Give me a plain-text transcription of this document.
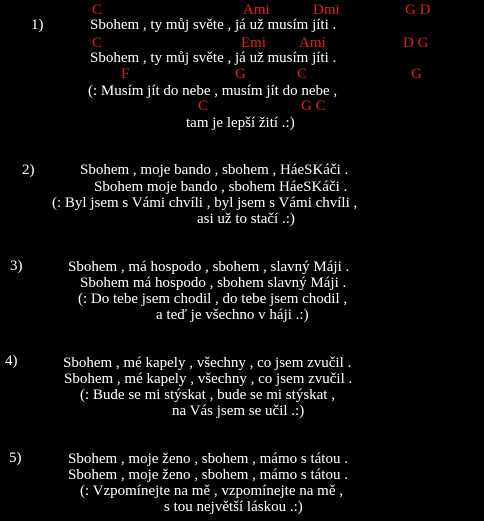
1)
C	Ami	Dmi	G D
Sbohem , ty můj světe , já už musím jíti .
C	Emi Ami	D G
Sbohem , ty můj světe , já už musím jíti .
F	G	C	G
(: Musím jít do nebe , musím jít do nebe ,
C	G C
tam je lepší žití .:)
2)	Sbohem , moje bando , sbohem , HáeSKáči .
Sbohem moje bando , sbohem HáeSKáči .
(: Byl jsem s Vámi chvíli , byl jsem s Vámi chvíli ,
asi už to stačí .:)
3)	Sbohem , má hospodo , sbohem , slavný Máji .
Sbohem má hospodo , sbohem slavný Máji .
(: Do tebe jsem chodil , do tebe jsem chodil ,
a teď je všechno v háji .:)
4)	Sbohem , mé kapely , všechny , co jsem zvučil .
Sbohem , mé kapely , všechny , co jsem zvučil .
(: Bude se mi stýskat , bude se mi stýskat ,
na Vás jsem se učil .:)
5)	Sbohem , moje ženo , sbohem , mámo s tátou .
Sbohem , moje ženo , sbohem , mámo s tátou .
(: Vzpomínejte na mě , vzpomínejte na mě ,
s tou největší láskou .:)
